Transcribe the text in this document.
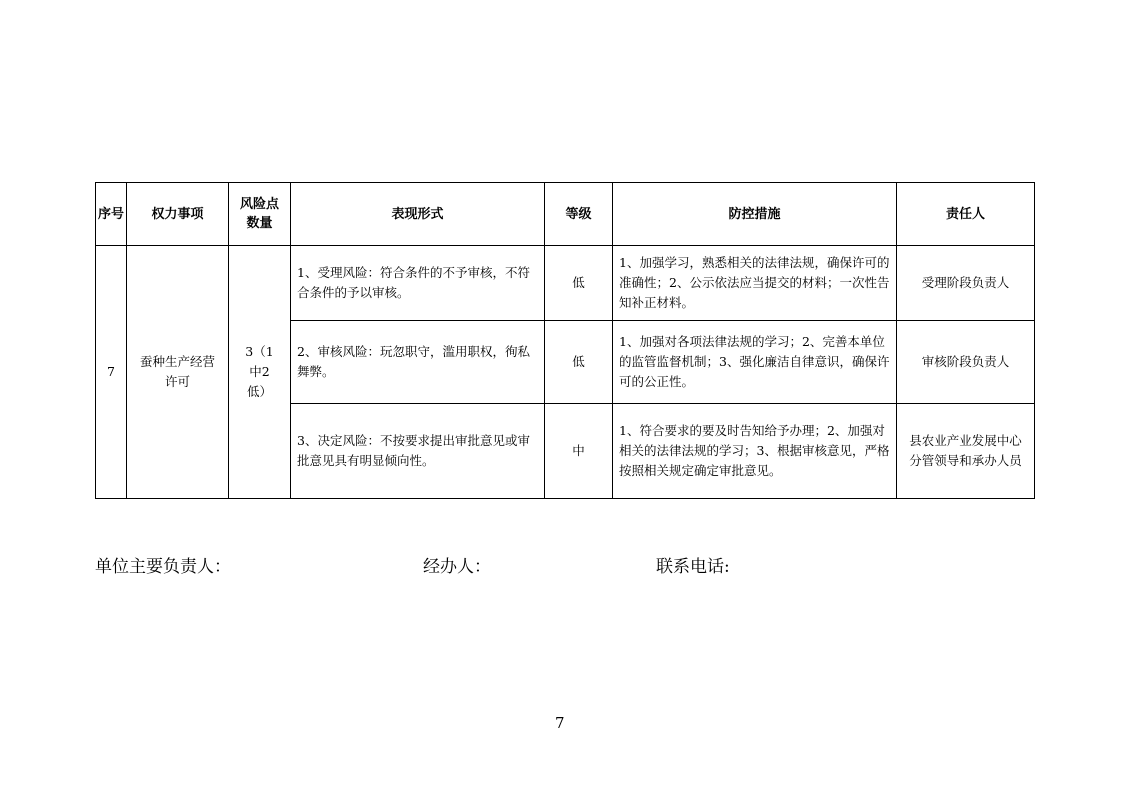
序号	权力事项	风险点数量	表现形式	等级	防控措施	责任人
7	蚕种生产经营许可	3（1中2低）	1、受理风险：符合条件的不予审核，不符合条件的予以审核。	低	1、加强学习，熟悉相关的法律法规，确保许可的准确性；2、公示依法应当提交的材料；一次性告知补正材料。	受理阶段负责人
			2、审核风险：玩忽职守，滥用职权，徇私舞弊。	低	1、加强对各项法律法规的学习；2、完善本单位的监管监督机制；3、强化廉洁自律意识，确保许可的公正性。	审核阶段负责人
			3、决定风险：不按要求提出审批意见或审批意见具有明显倾向性。	中	1、符合要求的要及时告知给予办理；2、加强对相关的法律法规的学习；3、根据审核意见，严格按照相关规定确定审批意见。	县农业产业发展中心分管领导和承办人员
单位主要负责人：	经办人：	联系电话:
7
